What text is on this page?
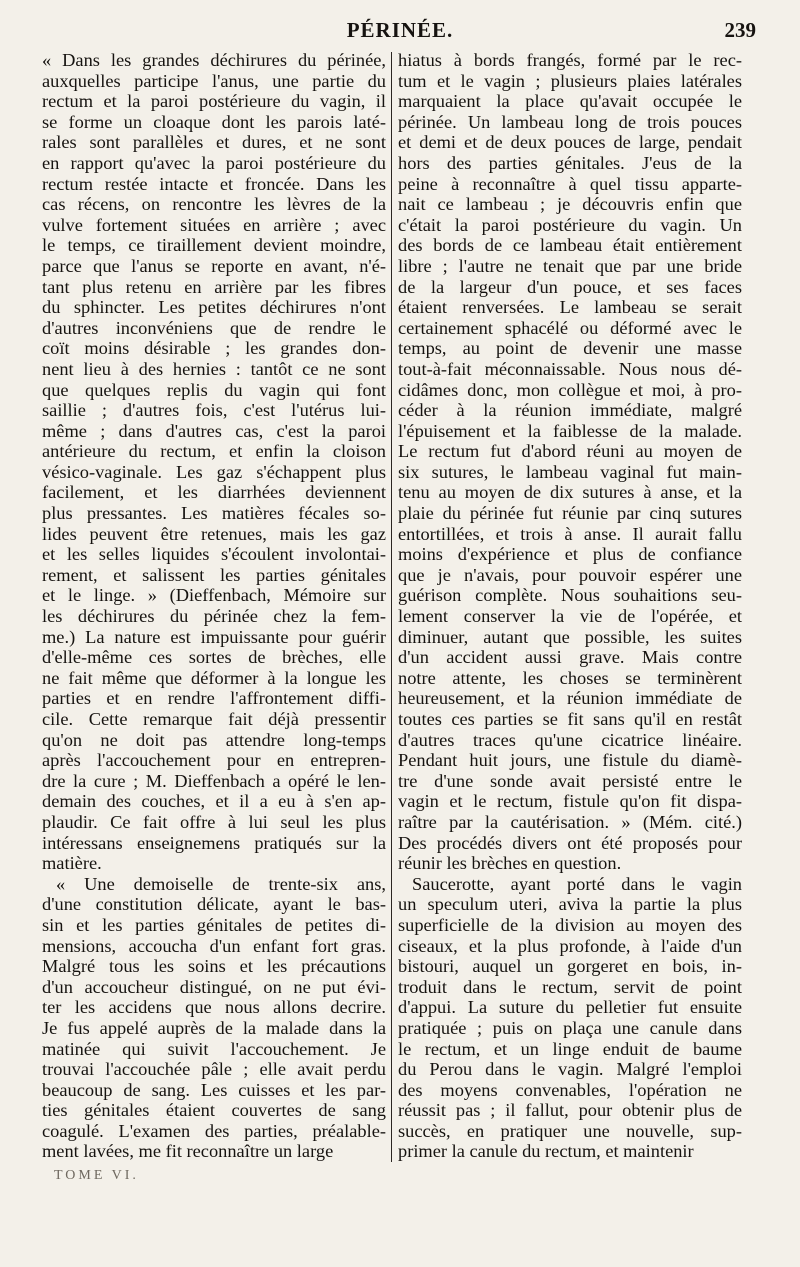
PÉRINÉE.	239
« Dans les grandes déchirures du périnée,
auxquelles participe l'anus, une partie du
rectum et la paroi postérieure du vagin, il
se forme un cloaque dont les parois laté-
rales sont parallèles et dures, et ne sont
en rapport qu'avec la paroi postérieure du
rectum restée intacte et froncée. Dans les
cas récens, on rencontre les lèvres de la
vulve fortement situées en arrière ; avec
le temps, ce tiraillement devient moindre,
parce que l'anus se reporte en avant, n'é-
tant plus retenu en arrière par les fibres
du sphincter. Les petites déchirures n'ont
d'autres inconvéniens que de rendre le
coït moins désirable ; les grandes don-
nent lieu à des hernies : tantôt ce ne sont
que quelques replis du vagin qui font
saillie ; d'autres fois, c'est l'utérus lui-
même ; dans d'autres cas, c'est la paroi
antérieure du rectum, et enfin la cloison
vésico-vaginale. Les gaz s'échappent plus
facilement, et les diarrhées deviennent
plus pressantes. Les matières fécales so-
lides peuvent être retenues, mais les gaz
et les selles liquides s'écoulent involontai-
rement, et salissent les parties génitales
et le linge. » (Dieffenbach, Mémoire sur
les déchirures du périnée chez la fem-
me.) La nature est impuissante pour guérir
d'elle-même ces sortes de brèches, elle
ne fait même que déformer à la longue les
parties et en rendre l'affrontement diffi-
cile. Cette remarque fait déjà pressentir
qu'on ne doit pas attendre long-temps
après l'accouchement pour en entrepren-
dre la cure ; M. Dieffenbach a opéré le len-
demain des couches, et il a eu à s'en ap-
plaudir. Ce fait offre à lui seul les plus
intéressans enseignemens pratiqués sur la
matière.
« Une demoiselle de trente-six ans,
d'une constitution délicate, ayant le bas-
sin et les parties génitales de petites di-
mensions, accoucha d'un enfant fort gras.
Malgré tous les soins et les précautions
d'un accoucheur distingué, on ne put évi-
ter les accidens que nous allons decrire.
Je fus appelé auprès de la malade dans la
matinée qui suivit l'accouchement. Je
trouvai l'accouchée pâle ; elle avait perdu
beaucoup de sang. Les cuisses et les par-
ties génitales étaient couvertes de sang
coagulé. L'examen des parties, préalable-
ment lavées, me fit reconnaître un large
hiatus à bords frangés, formé par le rec-
tum et le vagin ; plusieurs plaies latérales
marquaient la place qu'avait occupée le
périnée. Un lambeau long de trois pouces
et demi et de deux pouces de large, pendait
hors des parties génitales. J'eus de la
peine à reconnaître à quel tissu apparte-
nait ce lambeau ; je découvris enfin que
c'était la paroi postérieure du vagin. Un
des bords de ce lambeau était entièrement
libre ; l'autre ne tenait que par une bride
de la largeur d'un pouce, et ses faces
étaient renversées. Le lambeau se serait
certainement sphacélé ou déformé avec le
temps, au point de devenir une masse
tout-à-fait méconnaissable. Nous nous dé-
cidâmes donc, mon collègue et moi, à pro-
céder à la réunion immédiate, malgré
l'épuisement et la faiblesse de la malade.
Le rectum fut d'abord réuni au moyen de
six sutures, le lambeau vaginal fut main-
tenu au moyen de dix sutures à anse, et la
plaie du périnée fut réunie par cinq sutures
entortillées, et trois à anse. Il aurait fallu
moins d'expérience et plus de confiance
que je n'avais, pour pouvoir espérer une
guérison complète. Nous souhaitions seu-
lement conserver la vie de l'opérée, et
diminuer, autant que possible, les suites
d'un accident aussi grave. Mais contre
notre attente, les choses se terminèrent
heureusement, et la réunion immédiate de
toutes ces parties se fit sans qu'il en restât
d'autres traces qu'une cicatrice linéaire.
Pendant huit jours, une fistule du diamè-
tre d'une sonde avait persisté entre le
vagin et le rectum, fistule qu'on fit dispa-
raître par la cautérisation. » (Mém. cité.)
Des procédés divers ont été proposés pour
réunir les brèches en question.
Saucerotte, ayant porté dans le vagin
un speculum uteri, aviva la partie la plus
superficielle de la division au moyen des
ciseaux, et la plus profonde, à l'aide d'un
bistouri, auquel un gorgeret en bois, in-
troduit dans le rectum, servit de point
d'appui. La suture du pelletier fut ensuite
pratiquée ; puis on plaça une canule dans
le rectum, et un linge enduit de baume
du Perou dans le vagin. Malgré l'emploi
des moyens convenables, l'opération ne
réussit pas ; il fallut, pour obtenir plus de
succès, en pratiquer une nouvelle, sup-
primer la canule du rectum, et maintenir
TOME VI.
